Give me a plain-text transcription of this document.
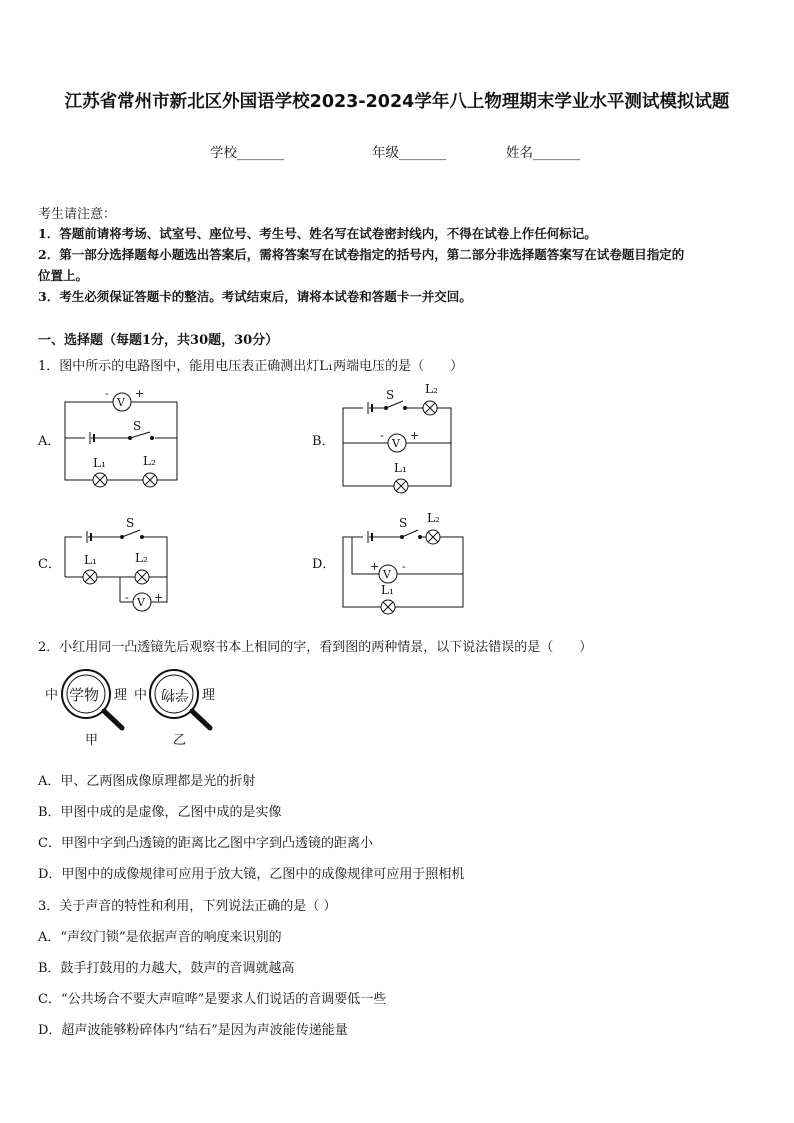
江苏省常州市新北区外国语学校2023-2024学年八上物理期末学业水平测试模拟试题
学校_______	年级_______	姓名_______
考生请注意：
1．答题前请将考场、试室号、座位号、考生号、姓名写在试卷密封线内，不得在试卷上作任何标记。
2．第一部分选择题每小题选出答案后，需将答案写在试卷指定的括号内，第二部分非选择题答案写在试卷题目指定的
位置上。
3．考生必须保证答题卡的整洁。考试结束后，请将本试卷和答题卡一并交回。
一、选择题（每题1分，共30题，30分）
1．图中所示的电路图中，能用电压表正确测出灯L₁两端电压的是（　　）
A．
V
- +
S
L₁	L₂
B．
S	L₂
V
- +
L₁
C．
S
L₁	L₂
V
- +
D．
S L₂
V
+ -
L₁
2．小红用同一凸透镜先后观察书本上相同的字，看到图的两种情景，以下说法错误的是（　　）
中 学物 理
甲
中 学物 理
乙
A．甲、乙两图成像原理都是光的折射
B．甲图中成的是虚像，乙图中成的是实像
C．甲图中字到凸透镜的距离比乙图中字到凸透镜的距离小
D．甲图中的成像规律可应用于放大镜，乙图中的成像规律可应用于照相机
3．关于声音的特性和利用，下列说法正确的是（ ）
A．“声纹门锁”是依据声音的响度来识别的
B．鼓手打鼓用的力越大，鼓声的音调就越高
C．“公共场合不要大声喧哗”是要求人们说话的音调要低一些
D．超声波能够粉碎体内“结石”是因为声波能传递能量
